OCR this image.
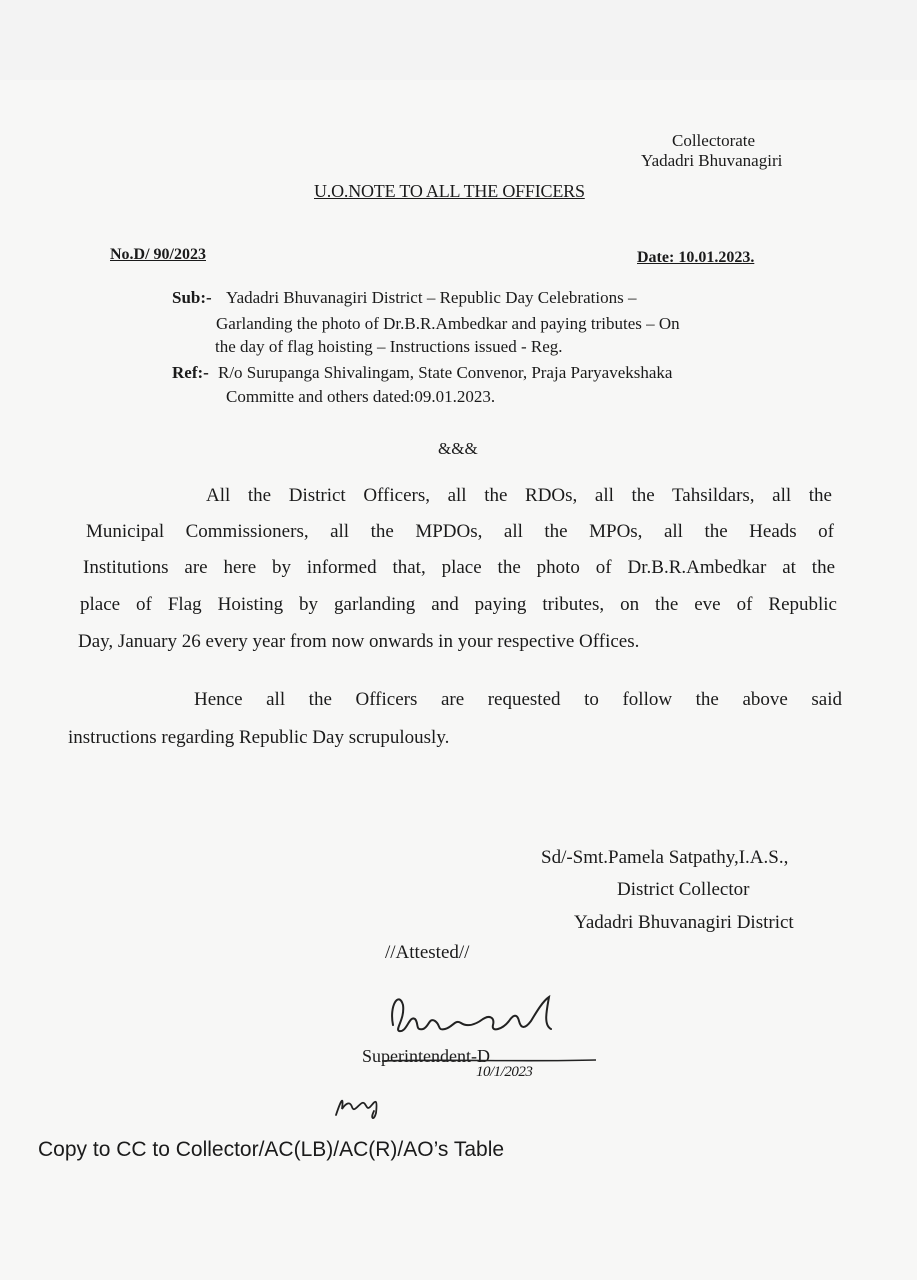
Collectorate
Yadadri Bhuvanagiri
U.O.NOTE TO ALL THE OFFICERS
No.D/ 90/2023	Date: 10.01.2023.
Sub:- Yadadri Bhuvanagiri District – Republic Day Celebrations –
Garlanding the photo of Dr.B.R.Ambedkar and paying tributes – On
the day of flag hoisting – Instructions issued - Reg.
Ref:- R/o Surupanga Shivalingam, State Convenor, Praja Paryavekshaka
Committe and others dated:09.01.2023.
&&&
All the District Officers, all the RDOs, all the Tahsildars, all the
Municipal Commissioners, all the MPDOs, all the MPOs, all the Heads of
Institutions are here by informed that, place the photo of Dr.B.R.Ambedkar at the
place of Flag Hoisting by garlanding and paying tributes, on the eve of Republic
Day, January 26 every year from now onwards in your respective Offices.
Hence all the Officers are requested to follow the above said
instructions regarding Republic Day scrupulously.
Sd/-Smt.Pamela Satpathy,I.A.S.,
District Collector
Yadadri Bhuvanagiri District
//Attested//
Superintendent-D
10/1/2023
Copy to CC to Collector/AC(LB)/AC(R)/AO’s Table
